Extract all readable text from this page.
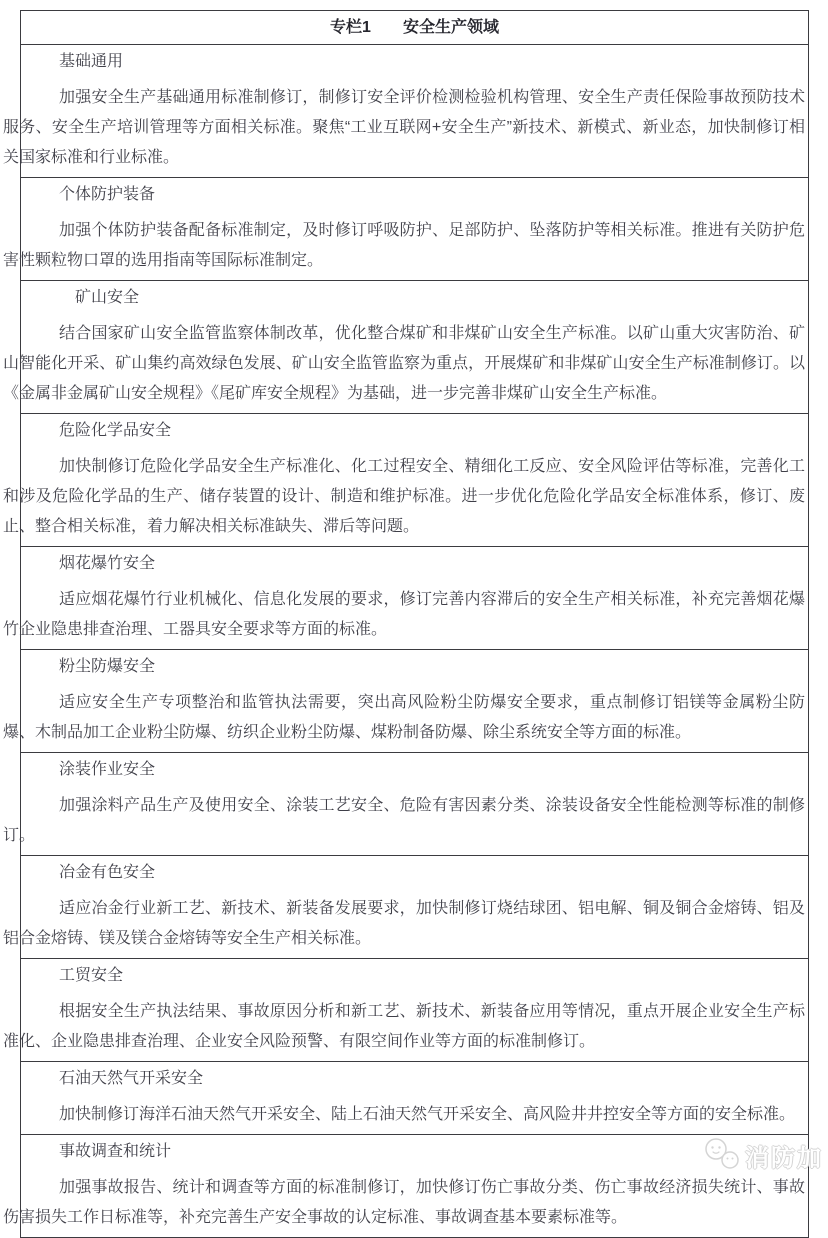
专栏1　　安全生产领域

基础通用

加强安全生产基础通用标准制修订，制修订安全评价检测检验机构管理、安全生产责任保险事故预防技术服务、安全生产培训管理等方面相关标准。聚焦“工业互联网+安全生产”新技术、新模式、新业态，加快制修订相关国家标准和行业标准。

个体防护装备

加强个体防护装备配备标准制定，及时修订呼吸防护、足部防护、坠落防护等相关标准。推进有关防护危害性颗粒物口罩的选用指南等国际标准制定。

矿山安全

结合国家矿山安全监管监察体制改革，优化整合煤矿和非煤矿山安全生产标准。以矿山重大灾害防治、矿山智能化开采、矿山集约高效绿色发展、矿山安全监管监察为重点，开展煤矿和非煤矿山安全生产标准制修订。以《金属非金属矿山安全规程》《尾矿库安全规程》为基础，进一步完善非煤矿山安全生产标准。

危险化学品安全

加快制修订危险化学品安全生产标准化、化工过程安全、精细化工反应、安全风险评估等标准，完善化工和涉及危险化学品的生产、储存装置的设计、制造和维护标准。进一步优化危险化学品安全标准体系，修订、废止、整合相关标准，着力解决相关标准缺失、滞后等问题。

烟花爆竹安全

适应烟花爆竹行业机械化、信息化发展的要求，修订完善内容滞后的安全生产相关标准，补充完善烟花爆竹企业隐患排查治理、工器具安全要求等方面的标准。

粉尘防爆安全

适应安全生产专项整治和监管执法需要，突出高风险粉尘防爆安全要求，重点制修订铝镁等金属粉尘防爆、木制品加工企业粉尘防爆、纺织企业粉尘防爆、煤粉制备防爆、除尘系统安全等方面的标准。

涂装作业安全

加强涂料产品生产及使用安全、涂装工艺安全、危险有害因素分类、涂装设备安全性能检测等标准的制修订。

冶金有色安全

适应冶金行业新工艺、新技术、新装备发展要求，加快制修订烧结球团、铝电解、铜及铜合金熔铸、铝及铝合金熔铸、镁及镁合金熔铸等安全生产相关标准。

工贸安全

根据安全生产执法结果、事故原因分析和新工艺、新技术、新装备应用等情况，重点开展企业安全生产标准化、企业隐患排查治理、企业安全风险预警、有限空间作业等方面的标准制修订。

石油天然气开采安全

加快制修订海洋石油天然气开采安全、陆上石油天然气开采安全、高风险井井控安全等方面的安全标准。

事故调查和统计

加强事故报告、统计和调查等方面的标准制修订，加快修订伤亡事故分类、伤亡事故经济损失统计、事故伤害损失工作日标准等，补充完善生产安全事故的认定标准、事故调查基本要素标准等。

消防加
